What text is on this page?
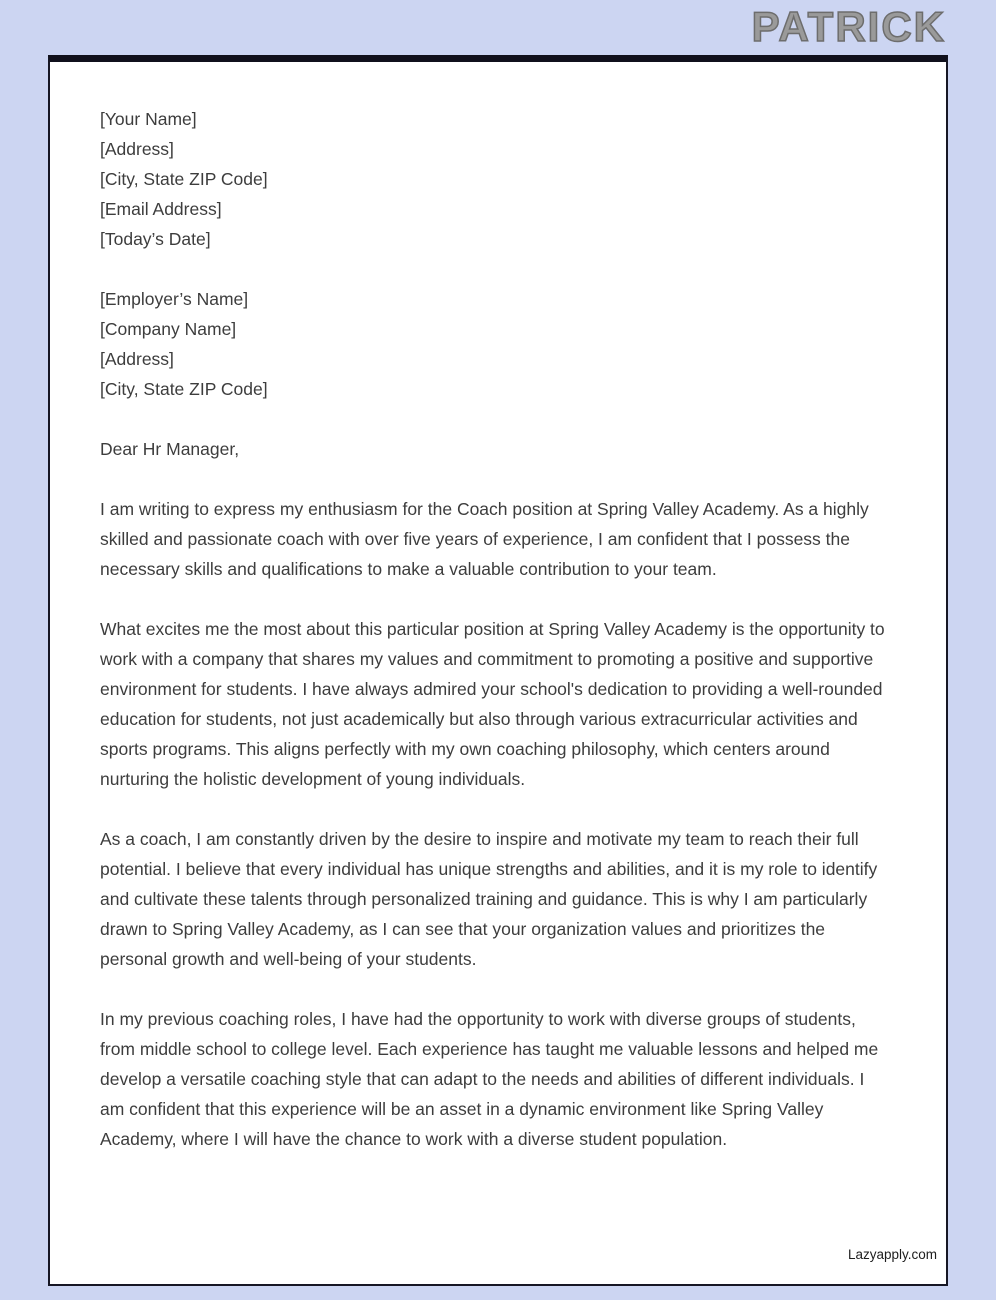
PATRICK
[Your Name]
[Address]
[City, State ZIP Code]
[Email Address]
[Today’s Date]
[Employer’s Name]
[Company Name]
[Address]
[City, State ZIP Code]
Dear Hr Manager,

I am writing to express my enthusiasm for the Coach position at Spring Valley Academy. As a highly skilled and passionate coach with over five years of experience, I am confident that I possess the necessary skills and qualifications to make a valuable contribution to your team.

What excites me the most about this particular position at Spring Valley Academy is the opportunity to work with a company that shares my values and commitment to promoting a positive and supportive environment for students. I have always admired your school's dedication to providing a well-rounded education for students, not just academically but also through various extracurricular activities and sports programs. This aligns perfectly with my own coaching philosophy, which centers around nurturing the holistic development of young individuals.

As a coach, I am constantly driven by the desire to inspire and motivate my team to reach their full potential. I believe that every individual has unique strengths and abilities, and it is my role to identify and cultivate these talents through personalized training and guidance. This is why I am particularly drawn to Spring Valley Academy, as I can see that your organization values and prioritizes the personal growth and well-being of your students.

In my previous coaching roles, I have had the opportunity to work with diverse groups of students, from middle school to college level. Each experience has taught me valuable lessons and helped me develop a versatile coaching style that can adapt to the needs and abilities of different individuals. I am confident that this experience will be an asset in a dynamic environment like Spring Valley Academy, where I will have the chance to work with a diverse student population.

Lazyapply.com
